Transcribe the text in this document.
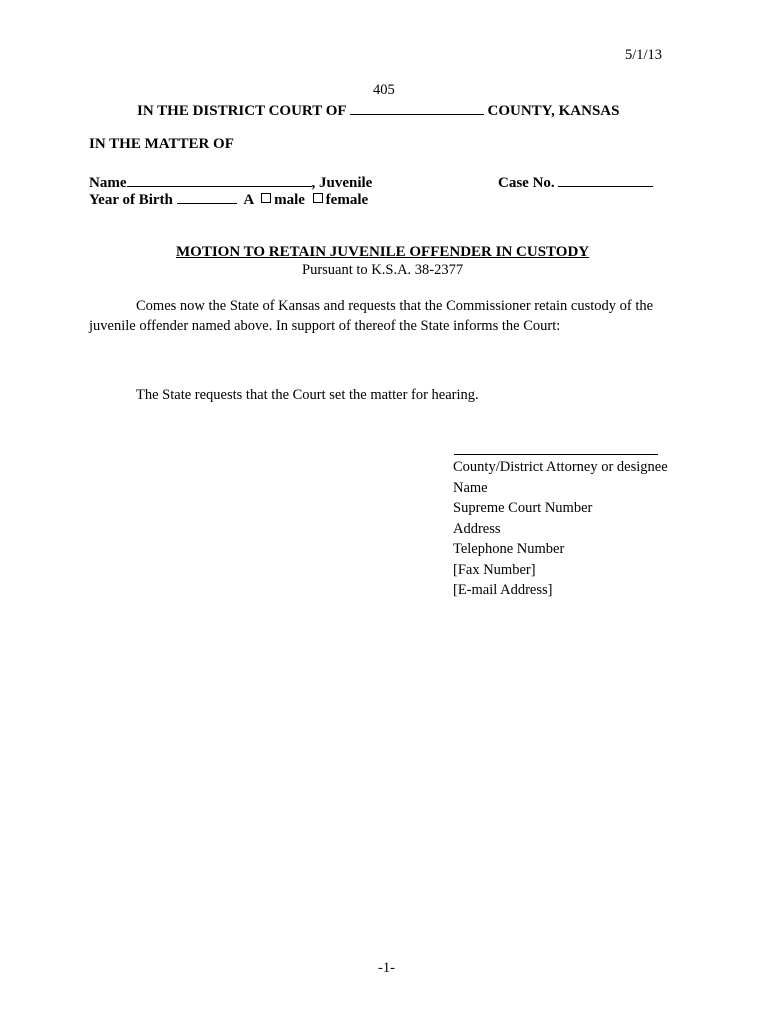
5/1/13
405
IN THE DISTRICT COURT OF	COUNTY, KANSAS
IN THE MATTER OF
Name	, Juvenile	Case No.
Year of Birth	A male female
MOTION TO RETAIN JUVENILE OFFENDER IN CUSTODY
Pursuant to K.S.A. 38-2377
Comes now the State of Kansas and requests that the Commissioner retain custody of the
juvenile offender named above. In support of thereof the State informs the Court:
The State requests that the Court set the matter for hearing.
County/District Attorney or designee
Name
Supreme Court Number
Address
Telephone Number
[Fax Number]
[E-mail Address]
-1-
